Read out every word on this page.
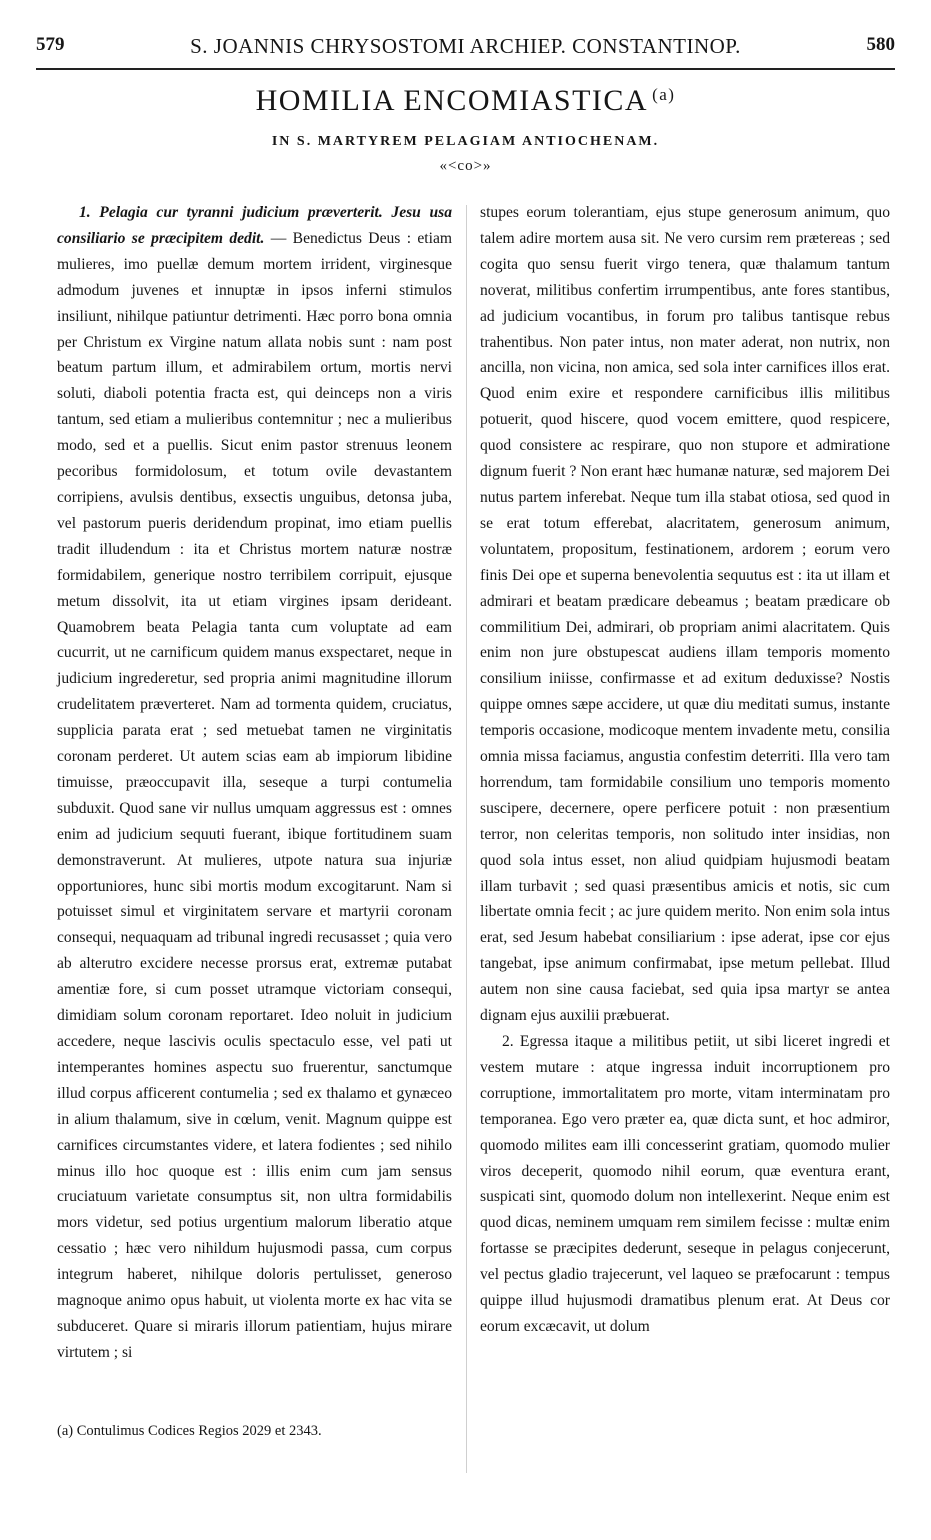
579	S. JOANNIS CHRYSOSTOMI ARCHIEP. CONSTANTINOP.	580
HOMILIA ENCOMIASTICA $^{(a)}$
IN S. MARTYREM PELAGIAM ANTIOCHENAM.
«<co>»

1. Pelagia cur tyranni judicium præverterit. Jesu usa consiliario se præcipitem dedit. — Benedictus Deus : etiam mulieres, imo puellæ demum mortem irrident, virginesque admodum juvenes et innuptæ in ipsos inferni stimulos insiliunt, nihilque patiuntur detrimenti. Hæc porro bona omnia per Christum ex Virgine natum allata nobis sunt : nam post beatum partum illum, et admirabilem ortum, mortis nervi soluti, diaboli potentia fracta est, qui deinceps non a viris tantum, sed etiam a mulieribus contemnitur ; nec a mulieribus modo, sed et a puellis. Sicut enim pastor strenuus leonem pecoribus formidolosum, et totum ovile devastantem corripiens, avulsis dentibus, exsectis unguibus, detonsa juba, vel pastorum pueris deridendum propinat, imo etiam puellis tradit illudendum : ita et Christus mortem naturæ nostræ formidabilem, generique nostro terribilem corripuit, ejusque metum dissolvit, ita ut etiam virgines ipsam derideant. Quamobrem beata Pelagia tanta cum voluptate ad eam cucurrit, ut ne carnificum quidem manus exspectaret, neque in judicium ingrederetur, sed propria animi magnitudine illorum crudelitatem præverteret. Nam ad tormenta quidem, cruciatus, supplicia parata erat ; sed metuebat tamen ne virginitatis coronam perderet. Ut autem scias eam ab impiorum libidine timuisse, præoccupavit illa, seseque a turpi contumelia subduxit. Quod sane vir nullus umquam aggressus est : omnes enim ad judicium sequuti fuerant, ibique fortitudinem suam demonstraverunt. At mulieres, utpote natura sua injuriæ opportuniores, hunc sibi mortis modum excogitarunt. Nam si potuisset simul et virginitatem servare et martyrii coronam consequi, nequaquam ad tribunal ingredi recusasset ; quia vero ab alterutro excidere necesse prorsus erat, extremæ putabat amentiæ fore, si cum posset utramque victoriam consequi, dimidiam solum coronam reportaret. Ideo noluit in judicium accedere, neque lascivis oculis spectaculo esse, vel pati ut intemperantes homines aspectu suo fruerentur, sanctumque illud corpus afficerent contumelia ; sed ex thalamo et gynæceo in alium thalamum, sive in cœlum, venit. Magnum quippe est carnifices circumstantes videre, et latera fodientes ; sed nihilo minus illo hoc quoque est : illis enim cum jam sensus cruciatuum varietate consumptus sit, non ultra formidabilis mors videtur, sed potius urgentium malorum liberatio atque cessatio ; hæc vero nihildum hujusmodi passa, cum corpus integrum haberet, nihilque doloris pertulisset, generoso magnoque animo opus habuit, ut violenta morte ex hac vita se subduceret. Quare si miraris illorum patientiam, hujus mirare virtutem ; si

(a) Contulimus Codices Regios 2029 et 2343.

stupes eorum tolerantiam, ejus stupe generosum animum, quo talem adire mortem ausa sit. Ne vero cursim rem prætereas ; sed cogita quo sensu fuerit virgo tenera, quæ thalamum tantum noverat, militibus confertim irrumpentibus, ante fores stantibus, ad judicium vocantibus, in forum pro talibus tantisque rebus trahentibus. Non pater intus, non mater aderat, non nutrix, non ancilla, non vicina, non amica, sed sola inter carnifices illos erat. Quod enim exire et respondere carnificibus illis militibus potuerit, quod hiscere, quod vocem emittere, quod respicere, quod consistere ac respirare, quo non stupore et admiratione dignum fuerit ? Non erant hæc humanæ naturæ, sed majorem Dei nutus partem inferebat. Neque tum illa stabat otiosa, sed quod in se erat totum efferebat, alacritatem, generosum animum, voluntatem, propositum, festinationem, ardorem ; eorum vero finis Dei ope et superna benevolentia sequutus est : ita ut illam et admirari et beatam prædicare debeamus ; beatam prædicare ob commilitium Dei, admirari, ob propriam animi alacritatem. Quis enim non jure obstupescat audiens illam temporis momento consilium iniisse, confirmasse et ad exitum deduxisse? Nostis quippe omnes sæpe accidere, ut quæ diu meditati sumus, instante temporis occasione, modicoque mentem invadente metu, consilia omnia missa faciamus, angustia confestim deterriti. Illa vero tam horrendum, tam formidabile consilium uno temporis momento suscipere, decernere, opere perficere potuit : non præsentium terror, non celeritas temporis, non solitudo inter insidias, non quod sola intus esset, non aliud quidpiam hujusmodi beatam illam turbavit ; sed quasi præsentibus amicis et notis, sic cum libertate omnia fecit ; ac jure quidem merito. Non enim sola intus erat, sed Jesum habebat consiliarium : ipse aderat, ipse cor ejus tangebat, ipse animum confirmabat, ipse metum pellebat. Illud autem non sine causa faciebat, sed quia ipsa martyr se antea dignam ejus auxilii præbuerat.

2. Egressa itaque a militibus petiit, ut sibi liceret ingredi et vestem mutare : atque ingressa induit incorruptionem pro corruptione, immortalitatem pro morte, vitam interminatam pro temporanea. Ego vero præter ea, quæ dicta sunt, et hoc admiror, quomodo milites eam illi concesserint gratiam, quomodo mulier viros deceperit, quomodo nihil eorum, quæ eventura erant, suspicati sint, quomodo dolum non intellexerint. Neque enim est quod dicas, neminem umquam rem similem fecisse : multæ enim fortasse se præcipites dederunt, seseque in pelagus conjecerunt, vel pectus gladio trajecerunt, vel laqueo se præfocarunt : tempus quippe illud hujusmodi dramatibus plenum erat. At Deus cor eorum excæcavit, ut dolum
